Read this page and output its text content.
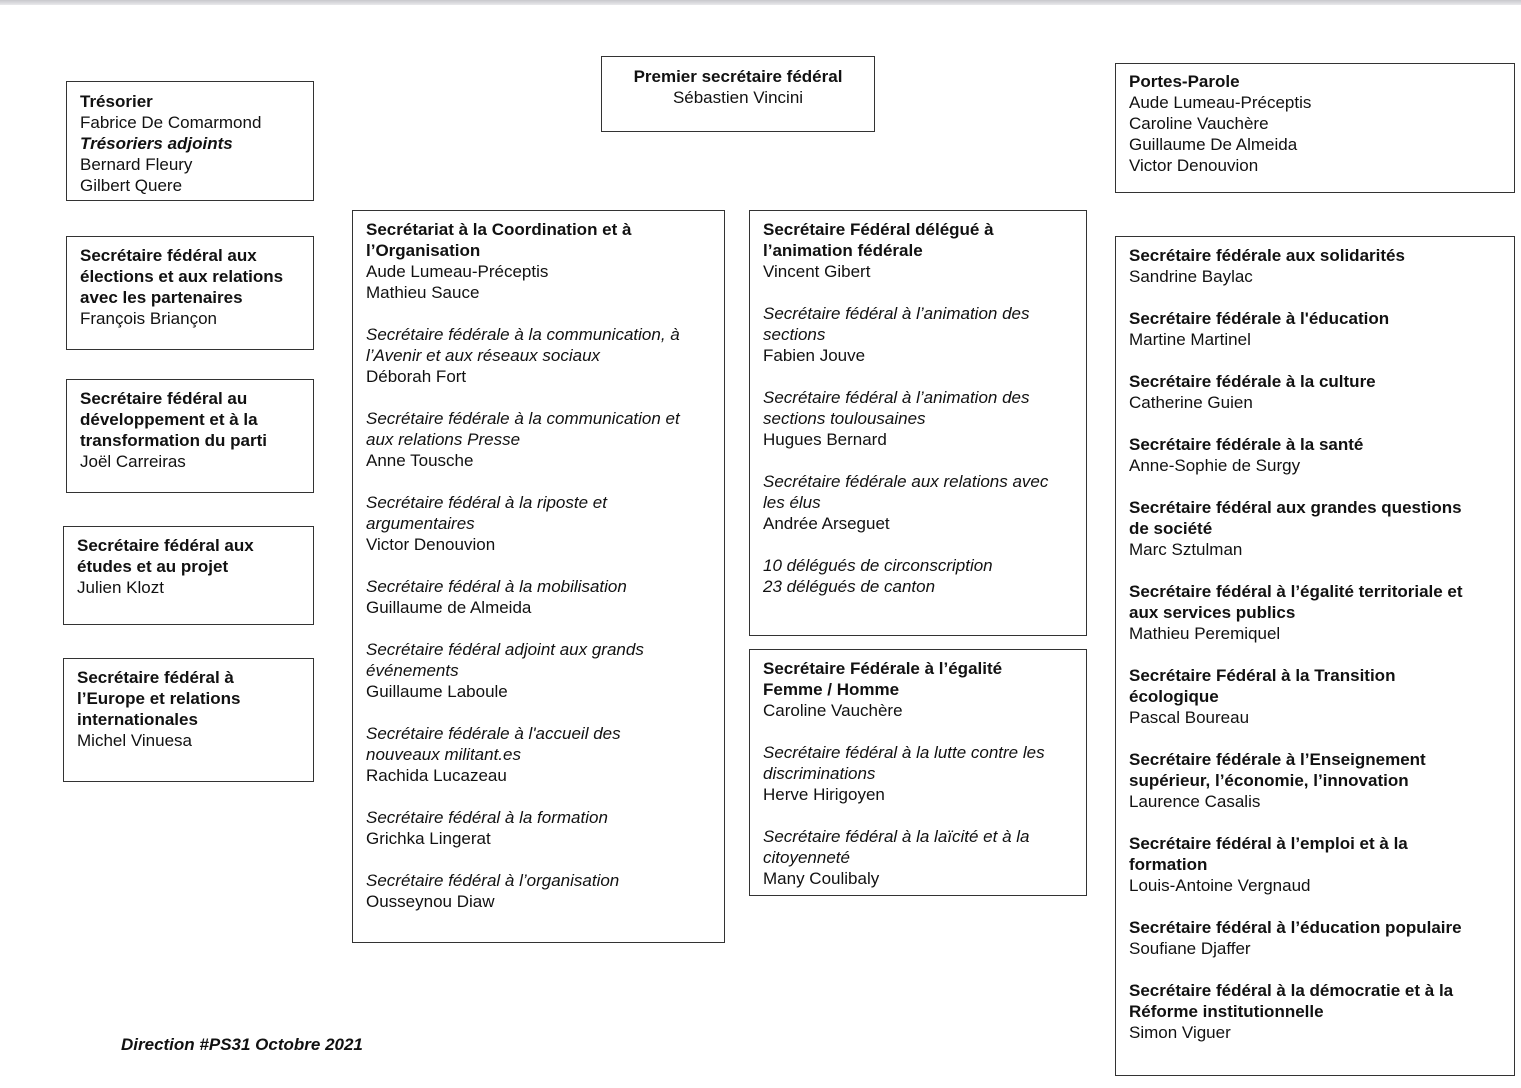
Premier secrétaire fédéral
Sébastien Vincini
Trésorier
Fabrice De Comarmond
Trésoriers adjoints
Bernard Fleury
Gilbert Quere
Portes-Parole
Aude Lumeau-Préceptis
Caroline Vauchère
Guillaume De Almeida
Victor Denouvion
Secrétaire fédéral aux
élections et aux relations
avec les partenaires
François Briançon
Secrétaire fédéral au
développement et à la
transformation du parti
Joël Carreiras
Secrétaire fédéral aux
études et au projet
Julien Klozt
Secrétaire fédéral à
l’Europe et relations
internationales
Michel Vinuesa
Secrétariat à la Coordination et à
l’Organisation
Aude Lumeau-Préceptis
Mathieu Sauce
Secrétaire fédérale à la communication, à
l’Avenir et aux réseaux sociaux
Déborah Fort
Secrétaire fédérale à la communication et
aux relations Presse
Anne Tousche
Secrétaire fédéral à la riposte et
argumentaires
Victor Denouvion
Secrétaire fédéral à la mobilisation
Guillaume de Almeida
Secrétaire fédéral adjoint aux grands
événements
Guillaume Laboule
Secrétaire fédérale à l'accueil des
nouveaux militant.es
Rachida Lucazeau
Secrétaire fédéral à la formation
Grichka Lingerat
Secrétaire fédéral à l’organisation
Ousseynou Diaw
Secrétaire Fédéral délégué à
l’animation fédérale
Vincent Gibert
Secrétaire fédéral à l’animation des
sections
Fabien Jouve
Secrétaire fédéral à l’animation des
sections toulousaines
Hugues Bernard
Secrétaire fédérale aux relations avec
les élus
Andrée Arseguet
10 délégués de circonscription
23 délégués de canton
Secrétaire Fédérale à l’égalité
Femme / Homme
Caroline Vauchère
Secrétaire fédéral à la lutte contre les
discriminations
Herve Hirigoyen
Secrétaire fédéral à la laïcité et à la
citoyenneté
Many Coulibaly
Secrétaire fédérale aux solidarités
Sandrine Baylac
Secrétaire fédérale à l'éducation
Martine Martinel
Secrétaire fédérale à la culture
Catherine Guien
Secrétaire fédérale à la santé
Anne-Sophie de Surgy
Secrétaire fédéral aux grandes questions
de société
Marc Sztulman
Secrétaire fédéral à l’égalité territoriale et
aux services publics
Mathieu Peremiquel
Secrétaire Fédéral à la Transition
écologique
Pascal Boureau
Secrétaire fédérale à l’Enseignement
supérieur, l’économie, l’innovation
Laurence Casalis
Secrétaire fédéral à l’emploi et à la
formation
Louis-Antoine Vergnaud
Secrétaire fédéral à l’éducation populaire
Soufiane Djaffer
Secrétaire fédéral à la démocratie et à la
Réforme institutionnelle
Simon Viguer
Direction #PS31 Octobre 2021
